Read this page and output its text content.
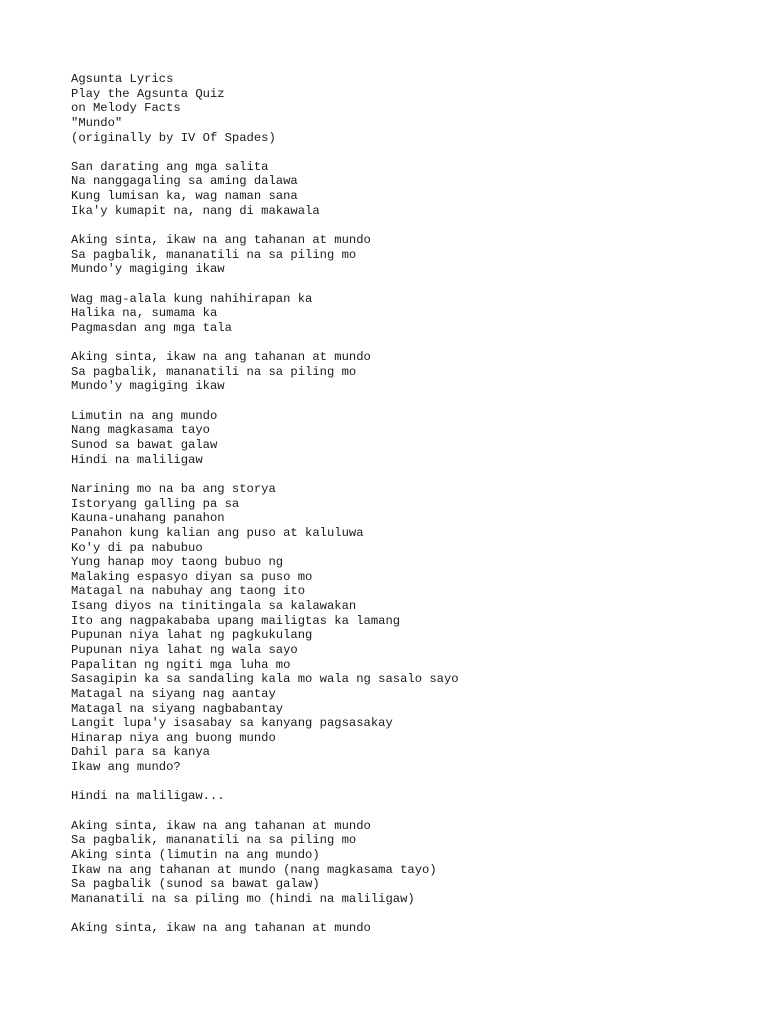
Agsunta Lyrics
Play the Agsunta Quiz
on Melody Facts
"Mundo"
(originally by IV Of Spades)
San darating ang mga salita
Na nanggagaling sa aming dalawa
Kung lumisan ka, wag naman sana
Ika'y kumapit na, nang di makawala
Aking sinta, ikaw na ang tahanan at mundo
Sa pagbalik, mananatili na sa piling mo
Mundo'y magiging ikaw
Wag mag-alala kung nahihirapan ka
Halika na, sumama ka
Pagmasdan ang mga tala
Aking sinta, ikaw na ang tahanan at mundo
Sa pagbalik, mananatili na sa piling mo
Mundo'y magiging ikaw
Limutin na ang mundo
Nang magkasama tayo
Sunod sa bawat galaw
Hindi na maliligaw
Narining mo na ba ang storya
Istoryang galling pa sa
Kauna-unahang panahon
Panahon kung kalian ang puso at kaluluwa
Ko'y di pa nabubuo
Yung hanap moy taong bubuo ng
Malaking espasyo diyan sa puso mo
Matagal na nabuhay ang taong ito
Isang diyos na tinitingala sa kalawakan
Ito ang nagpakababa upang mailigtas ka lamang
Pupunan niya lahat ng pagkukulang
Pupunan niya lahat ng wala sayo
Papalitan ng ngiti mga luha mo
Sasagipin ka sa sandaling kala mo wala ng sasalo sayo
Matagal na siyang nag aantay
Matagal na siyang nagbabantay
Langit lupa'y isasabay sa kanyang pagsasakay
Hinarap niya ang buong mundo
Dahil para sa kanya
Ikaw ang mundo?
Hindi na maliligaw...
Aking sinta, ikaw na ang tahanan at mundo
Sa pagbalik, mananatili na sa piling mo
Aking sinta (limutin na ang mundo)
Ikaw na ang tahanan at mundo (nang magkasama tayo)
Sa pagbalik (sunod sa bawat galaw)
Mananatili na sa piling mo (hindi na maliligaw)
Aking sinta, ikaw na ang tahanan at mundo
